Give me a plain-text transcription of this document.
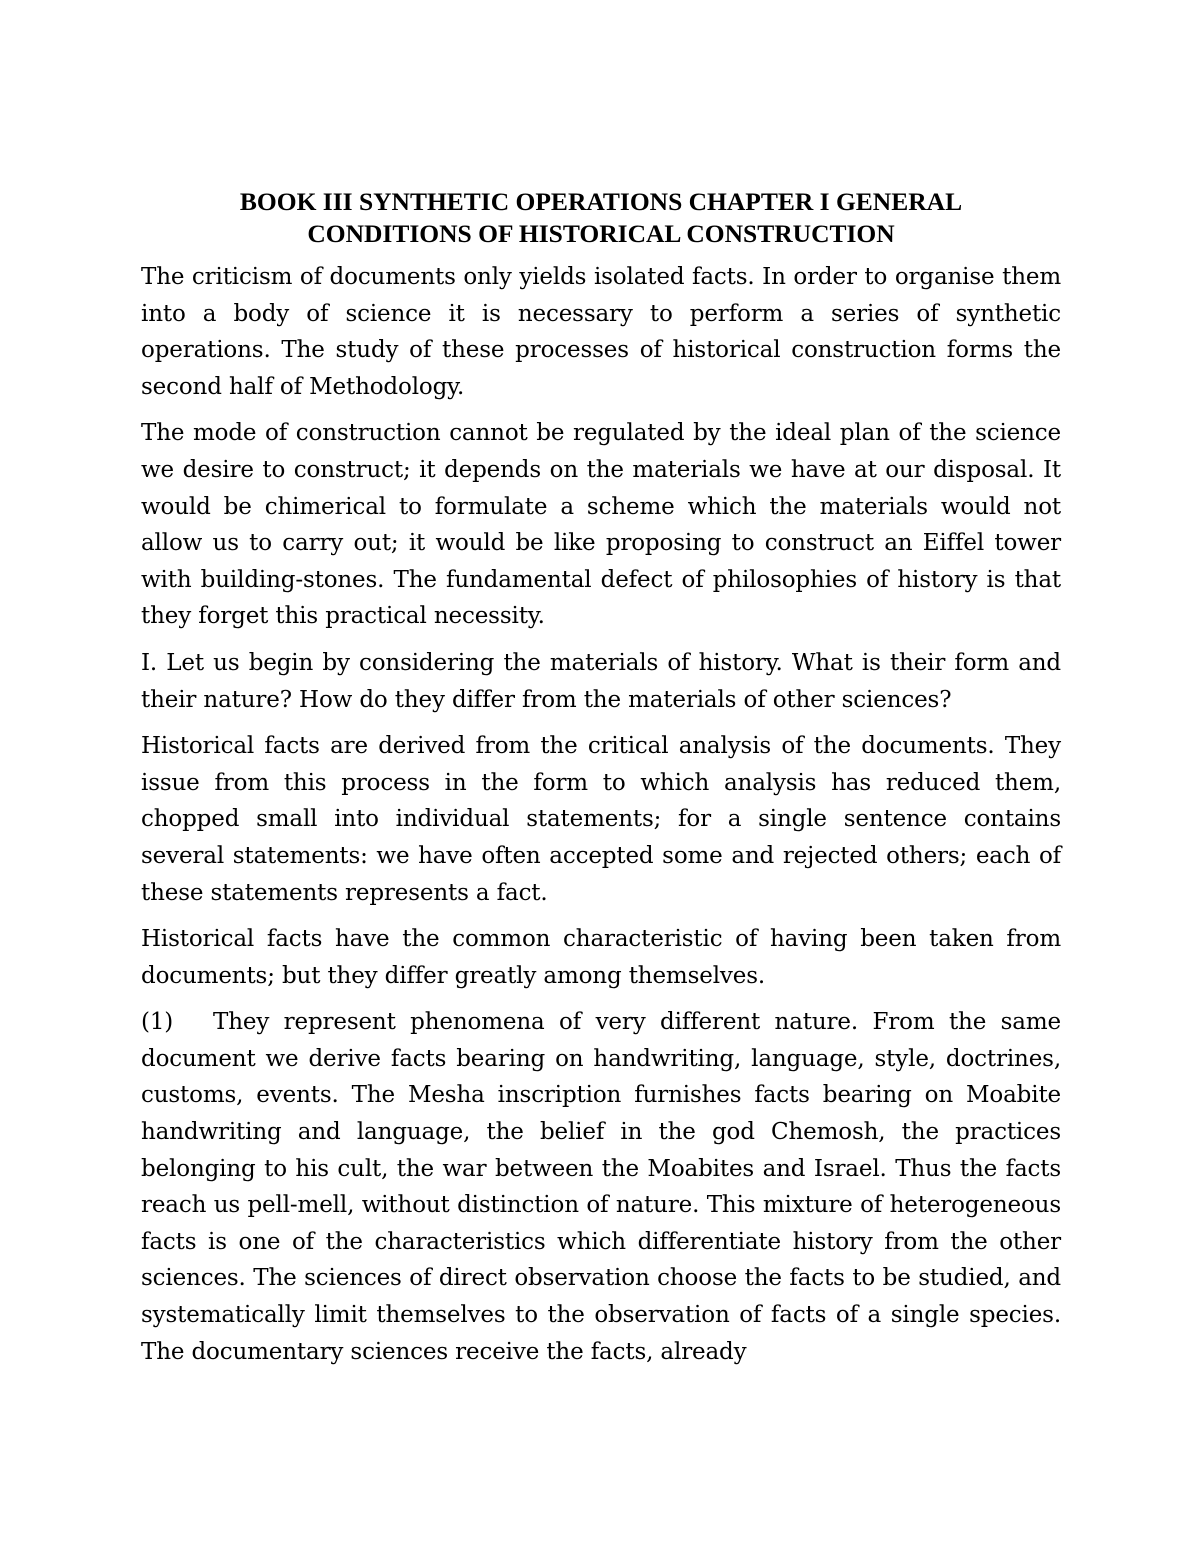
BOOK III SYNTHETIC OPERATIONS CHAPTER I GENERAL
CONDITIONS OF HISTORICAL CONSTRUCTION

The criticism of documents only yields isolated facts. In order to organise them into a body of science it is necessary to perform a series of synthetic operations. The study of these processes of historical construction forms the second half of Methodology.

The mode of construction cannot be regulated by the ideal plan of the science we desire to construct; it depends on the materials we have at our disposal. It would be chimerical to formulate a scheme which the materials would not allow us to carry out; it would be like proposing to construct an Eiffel tower with building-stones. The fundamental defect of philosophies of history is that they forget this practical necessity.

I. Let us begin by considering the materials of history. What is their form and their nature? How do they differ from the materials of other sciences?

Historical facts are derived from the critical analysis of the documents. They issue from this process in the form to which analysis has reduced them, chopped small into individual statements; for a single sentence contains several statements: we have often accepted some and rejected others; each of these statements represents a fact.

Historical facts have the common characteristic of having been taken from documents; but they differ greatly among themselves.

(1) They represent phenomena of very different nature. From the same document we derive facts bearing on handwriting, language, style, doctrines, customs, events. The Mesha inscription furnishes facts bearing on Moabite handwriting and language, the belief in the god Chemosh, the practices belonging to his cult, the war between the Moabites and Israel. Thus the facts reach us pell-mell, without distinction of nature. This mixture of heterogeneous facts is one of the characteristics which differentiate history from the other sciences. The sciences of direct observation choose the facts to be studied, and systematically limit themselves to the observation of facts of a single species. The documentary sciences receive the facts, already
